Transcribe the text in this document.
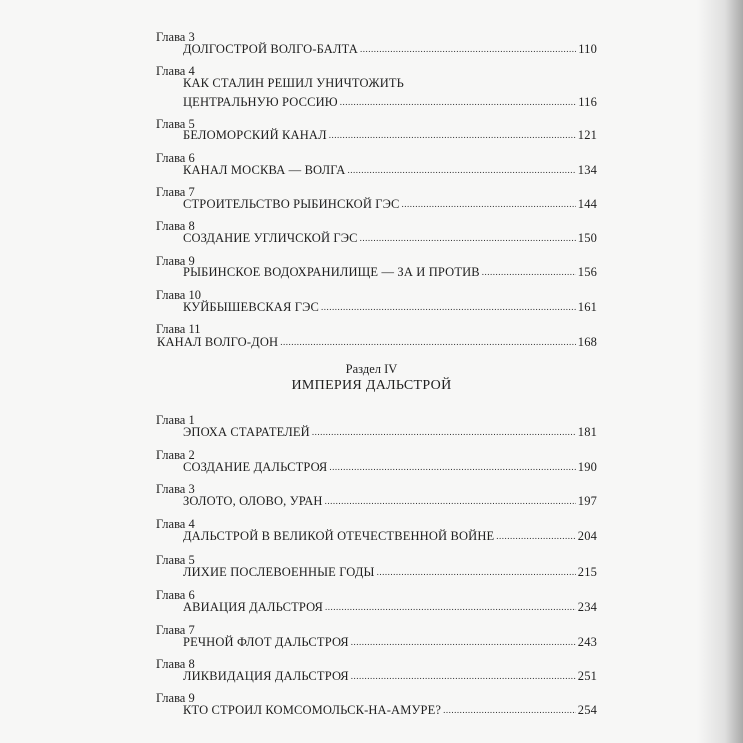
Глава 3
ДОЛГОСТРОЙ ВОЛГО-БАЛТА .....	110
Глава 4
КАК СТАЛИН РЕШИЛ УНИЧТОЖИТЬ
ЦЕНТРАЛЬНУЮ РОССИЮ .....	116
Глава 5
БЕЛОМОРСКИЙ КАНАЛ .....	121
Глава 6
КАНАЛ МОСКВА — ВОЛГА .....	134
Глава 7
СТРОИТЕЛЬСТВО РЫБИНСКОЙ ГЭС .....	144
Глава 8
СОЗДАНИЕ УГЛИЧСКОЙ ГЭС .....	150
Глава 9
РЫБИНСКОЕ ВОДОХРАНИЛИЩЕ — ЗА И ПРОТИВ .....	156
Глава 10
КУЙБЫШЕВСКАЯ ГЭС .....	161
Глава 11
КАНАЛ ВОЛГО-ДОН .....	168
Раздел IV
ИМПЕРИЯ ДАЛЬСТРОЙ
Глава 1
ЭПОХА СТАРАТЕЛЕЙ .....	181
Глава 2
СОЗДАНИЕ ДАЛЬСТРОЯ .....	190
Глава 3
ЗОЛОТО, ОЛОВО, УРАН .....	197
Глава 4
ДАЛЬСТРОЙ В ВЕЛИКОЙ ОТЕЧЕСТВЕННОЙ ВОЙНЕ .....	204
Глава 5
ЛИХИЕ ПОСЛЕВОЕННЫЕ ГОДЫ .....	215
Глава 6
АВИАЦИЯ ДАЛЬСТРОЯ .....	234
Глава 7
РЕЧНОЙ ФЛОТ ДАЛЬСТРОЯ .....	243
Глава 8
ЛИКВИДАЦИЯ ДАЛЬСТРОЯ .....	251
Глава 9
КТО СТРОИЛ КОМСОМОЛЬСК-НА-АМУРЕ? .....	254
